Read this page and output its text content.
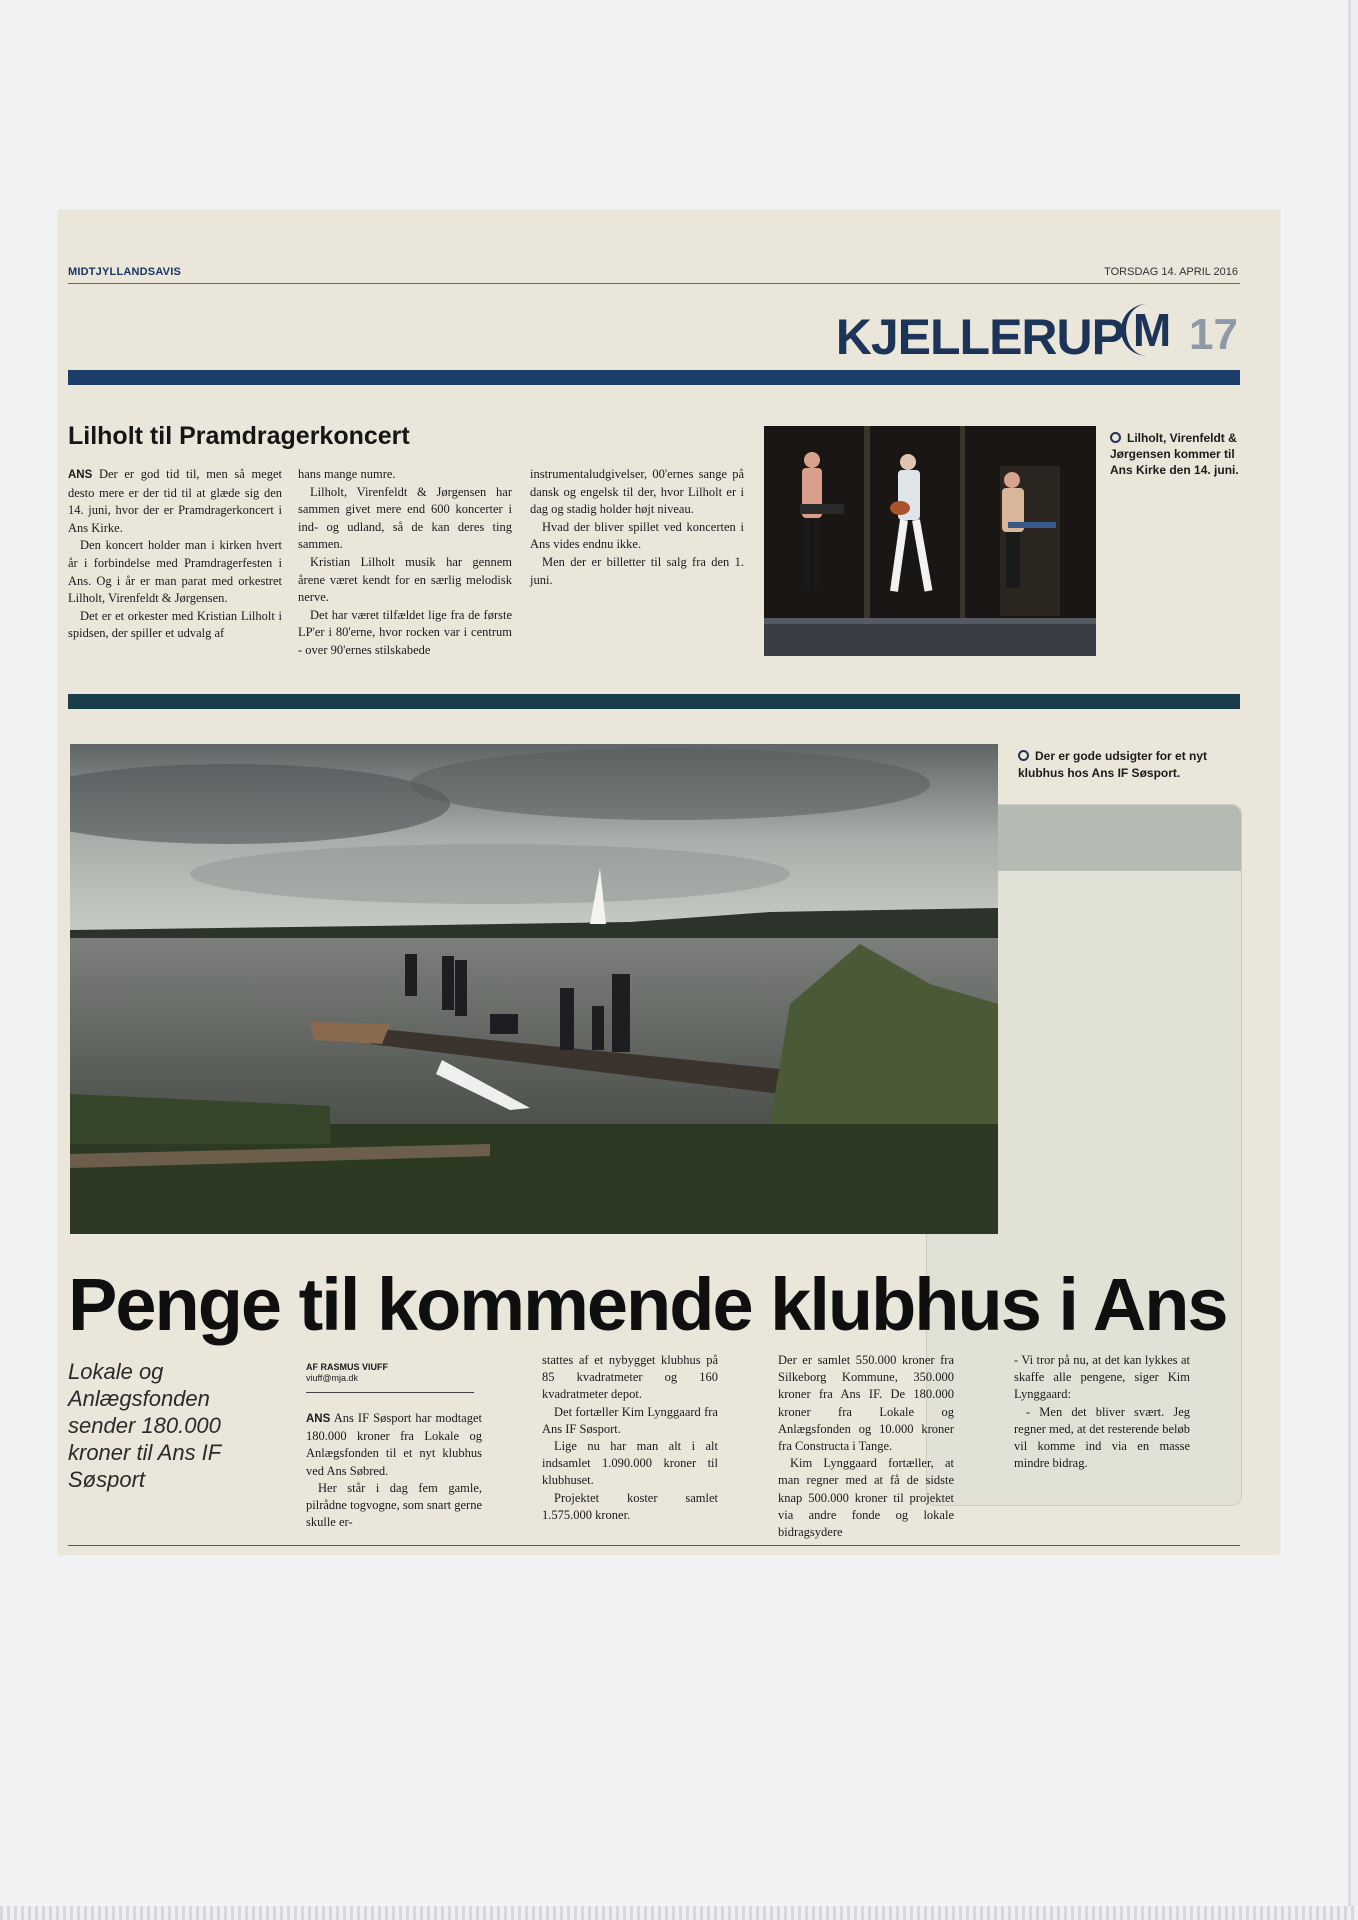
MIDTJYLLANDSAVIS	TORSDAG 14. APRIL 2016
KJELLERUP M 17
Lilholt til Pramdragerkoncert

ANS Der er god tid til, men så meget desto mere er der tid til at glæde sig den 14. juni, hvor der er Pramdragerkoncert i Ans Kirke.

Den koncert holder man i kirken hvert år i forbindelse med Pramdragerfesten i Ans. Og i år er man parat med orkestret Lilholt, Virenfeldt & Jørgensen.

Det er et orkester med Kristian Lilholt i spidsen, der spiller et udvalg af

hans mange numre.

Lilholt, Virenfeldt & Jørgensen har sammen givet mere end 600 koncerter i ind- og udland, så de kan deres ting sammen.

Kristian Lilholt musik har gennem årene været kendt for en særlig melodisk nerve.

Det har været tilfældet lige fra de første LP'er i 80'erne, hvor rocken var i centrum - over 90'ernes stilskabede

instrumentaludgivelser, 00'ernes sange på dansk og engelsk til der, hvor Lilholt er i dag og stadig holder højt niveau.

Hvad der bliver spillet ved koncerten i Ans vides endnu ikke.

Men der er billetter til salg fra den 1. juni.

Lilholt, Virenfeldt & Jørgensen kommer til Ans Kirke den 14. juni.
Der er gode udsigter for et nyt klubhus hos Ans IF Søsport.
Penge til kommende klubhus i Ans
Lokale og Anlægsfonden sender 180.000 kroner til Ans IF Søsport
AF RASMUS VIUFF
viuff@mja.dk

ANS Ans IF Søsport har modtaget 180.000 kroner fra Lokale og Anlægsfonden til et nyt klubhus ved Ans Søbred.

Her står i dag fem gamle, pilrådne togvogne, som snart gerne skulle er-

stattes af et nybygget klubhus på 85 kvadratmeter og 160 kvadratmeter depot.

Det fortæller Kim Lynggaard fra Ans IF Søsport.

Lige nu har man alt i alt indsamlet 1.090.000 kroner til klubhuset.

Projektet koster samlet 1.575.000 kroner.

Der er samlet 550.000 kroner fra Silkeborg Kommune, 350.000 kroner fra Ans IF. De 180.000 kroner fra Lokale og Anlægsfonden og 10.000 kroner fra Constructa i Tange.

Kim Lynggaard fortæller, at man regner med at få de sidste knap 500.000 kroner til projektet via andre fonde og lokale bidragsydere

- Vi tror på nu, at det kan lykkes at skaffe alle pengene, siger Kim Lynggaard:

- Men det bliver svært. Jeg regner med, at det resterende beløb vil komme ind via en masse mindre bidrag.
